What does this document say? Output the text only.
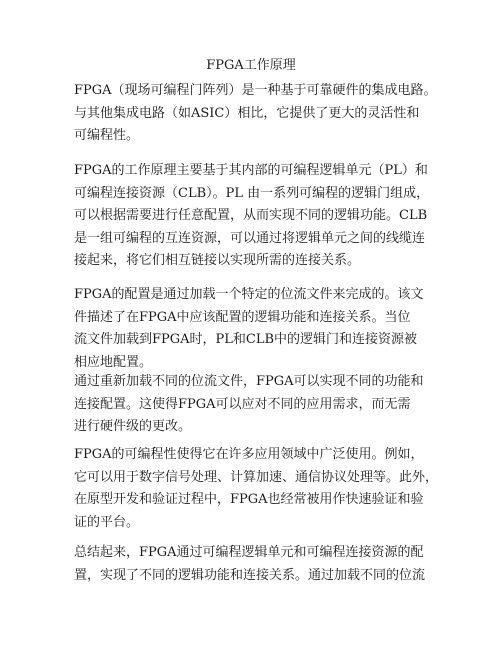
FPGA工作原理
FPGA（现场可编程门阵列）是一种基于可靠硬件的集成电路。
与其他集成电路（如ASIC）相比，它提供了更大的灵活性和
可编程性。
FPGA的工作原理主要基于其内部的可编程逻辑单元（PL）和
可编程连接资源（CLB）。PL 由一系列可编程的逻辑门组成，
可以根据需要进行任意配置，从而实现不同的逻辑功能。CLB
是一组可编程的互连资源，可以通过将逻辑单元之间的线缆连
接起来，将它们相互链接以实现所需的连接关系。
FPGA的配置是通过加载一个特定的位流文件来完成的。该文
件描述了在FPGA中应该配置的逻辑功能和连接关系。当位
流文件加载到FPGA时，PL和CLB中的逻辑门和连接资源被
相应地配置。
通过重新加载不同的位流文件，FPGA可以实现不同的功能和
连接配置。这使得FPGA可以应对不同的应用需求，而无需
进行硬件级的更改。
FPGA的可编程性使得它在许多应用领域中广泛使用。例如，
它可以用于数字信号处理、计算加速、通信协议处理等。此外，
在原型开发和验证过程中，FPGA也经常被用作快速验证和验
证的平台。
总结起来，FPGA通过可编程逻辑单元和可编程连接资源的配
置，实现了不同的逻辑功能和连接关系。通过加载不同的位流
